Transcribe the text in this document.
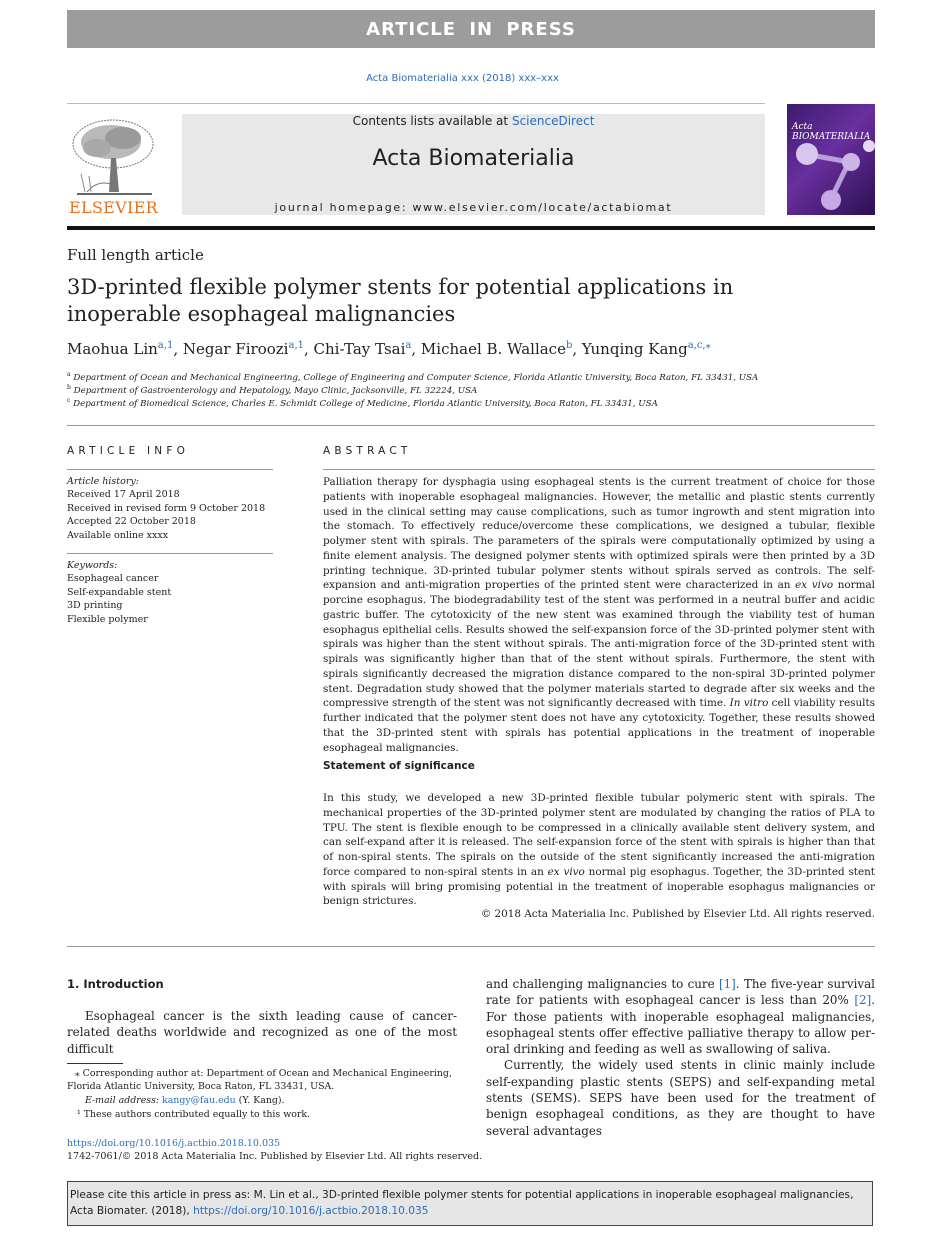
ARTICLE IN PRESS
Acta Biomaterialia xxx (2018) xxx–xxx
ELSEVIER
Contents lists available at ScienceDirect
Acta Biomaterialia
journal homepage: www.elsevier.com/locate/actabiomat
Acta BIOMATERIALIA
Full length article
3D-printed flexible polymer stents for potential applications in inoperable esophageal malignancies
Maohua Lin$^{a,1}$, Negar Firoozi$^{a,1}$, Chi-Tay Tsai$^a$, Michael B. Wallace$^b$, Yunqing Kang$^{a,c,⁎}$
$^a$ Department of Ocean and Mechanical Engineering, College of Engineering and Computer Science, Florida Atlantic University, Boca Raton, FL 33431, USA
$^b$ Department of Gastroenterology and Hepatology, Mayo Clinic, Jacksonville, FL 32224, USA
$^c$ Department of Biomedical Science, Charles E. Schmidt College of Medicine, Florida Atlantic University, Boca Raton, FL 33431, USA
ARTICLE INFO
Article history:
Received 17 April 2018
Received in revised form 9 October 2018
Accepted 22 October 2018
Available online xxxx
Keywords:
Esophageal cancer
Self-expandable stent
3D printing
Flexible polymer
ABSTRACT
Palliation therapy for dysphagia using esophageal stents is the current treatment of choice for those patients with inoperable esophageal malignancies. However, the metallic and plastic stents currently used in the clinical setting may cause complications, such as tumor ingrowth and stent migration into the stomach. To effectively reduce/overcome these complications, we designed a tubular, flexible polymer stent with spirals. The parameters of the spirals were computationally optimized by using a finite element analysis. The designed polymer stents with optimized spirals were then printed by a 3D printing technique. 3D-printed tubular polymer stents without spirals served as controls. The self-expansion and anti-migration properties of the printed stent were characterized in an ex vivo normal porcine esophagus. The biodegradability test of the stent was performed in a neutral buffer and acidic gastric buffer. The cytotoxicity of the new stent was examined through the viability test of human esophagus epithelial cells. Results showed the self-expansion force of the 3D-printed polymer stent with spirals was higher than the stent without spirals. The anti-migration force of the 3D-printed stent with spirals was significantly higher than that of the stent without spirals. Furthermore, the stent with spirals significantly decreased the migration distance compared to the non-spiral 3D-printed polymer stent. Degradation study showed that the polymer materials started to degrade after six weeks and the compressive strength of the stent was not significantly decreased with time. In vitro cell viability results further indicated that the polymer stent does not have any cytotoxicity. Together, these results showed that the 3D-printed stent with spirals has potential applications in the treatment of inoperable esophageal malignancies.
Statement of significance
In this study, we developed a new 3D-printed flexible tubular polymeric stent with spirals. The mechanical properties of the 3D-printed polymer stent are modulated by changing the ratios of PLA to TPU. The stent is flexible enough to be compressed in a clinically available stent delivery system, and can self-expand after it is released. The self-expansion force of the stent with spirals is higher than that of non-spiral stents. The spirals on the outside of the stent significantly increased the anti-migration force compared to non-spiral stents in an ex vivo normal pig esophagus. Together, the 3D-printed stent with spirals will bring promising potential in the treatment of inoperable esophagus malignancies or benign strictures.
© 2018 Acta Materialia Inc. Published by Elsevier Ltd. All rights reserved.
1. Introduction
Esophageal cancer is the sixth leading cause of cancer-related deaths worldwide and recognized as one of the most difficult

and challenging malignancies to cure [1]. The five-year survival rate for patients with esophageal cancer is less than 20% [2]. For those patients with inoperable esophageal malignancies, esophageal stents offer effective palliative therapy to allow per-oral drinking and feeding as well as swallowing of saliva.

Currently, the widely used stents in clinic mainly include self-expanding plastic stents (SEPS) and self-expanding metal stents (SEMS). SEPS have been used for the treatment of benign esophageal conditions, as they are thought to have several advantages

⁎ Corresponding author at: Department of Ocean and Mechanical Engineering, Florida Atlantic University, Boca Raton, FL 33431, USA.
E-mail address: kangy@fau.edu (Y. Kang).
¹ These authors contributed equally to this work.
https://doi.org/10.1016/j.actbio.2018.10.035
1742-7061/© 2018 Acta Materialia Inc. Published by Elsevier Ltd. All rights reserved.
Please cite this article in press as: M. Lin et al., 3D-printed flexible polymer stents for potential applications in inoperable esophageal malignancies, Acta Biomater. (2018), https://doi.org/10.1016/j.actbio.2018.10.035
